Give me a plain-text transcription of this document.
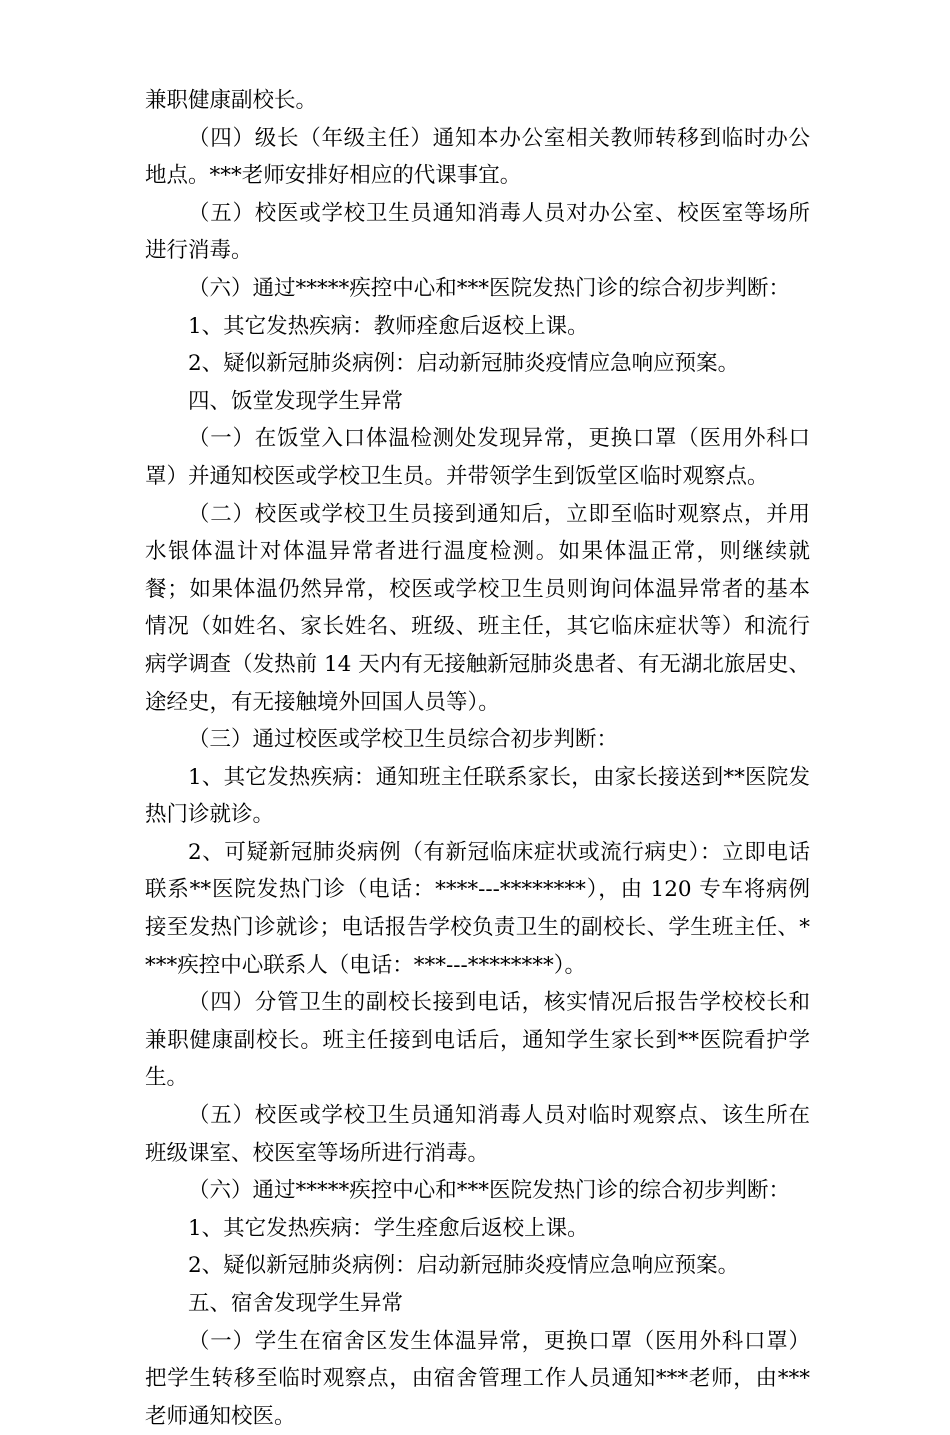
兼职健康副校长。

（四）级长（年级主任）通知本办公室相关教师转移到临时办公地点。***老师安排好相应的代课事宜。

（五）校医或学校卫生员通知消毒人员对办公室、校医室等场所进行消毒。

（六）通过*****疾控中心和***医院发热门诊的综合初步判断：

1、其它发热疾病：教师痊愈后返校上课。

2、疑似新冠肺炎病例：启动新冠肺炎疫情应急响应预案。

四、饭堂发现学生异常

（一）在饭堂入口体温检测处发现异常，更换口罩（医用外科口罩）并通知校医或学校卫生员。并带领学生到饭堂区临时观察点。

（二）校医或学校卫生员接到通知后，立即至临时观察点，并用水银体温计对体温异常者进行温度检测。如果体温正常，则继续就餐；如果体温仍然异常，校医或学校卫生员则询问体温异常者的基本情况（如姓名、家长姓名、班级、班主任，其它临床症状等）和流行病学调查（发热前 14 天内有无接触新冠肺炎患者、有无湖北旅居史、途经史，有无接触境外回国人员等）。

（三）通过校医或学校卫生员综合初步判断：

1、其它发热疾病：通知班主任联系家长，由家长接送到**医院发热门诊就诊。

2、可疑新冠肺炎病例（有新冠临床症状或流行病史）：立即电话联系**医院发热门诊（电话：****---********），由 120 专车将病例接至发热门诊就诊；电话报告学校负责卫生的副校长、学生班主任、****疾控中心联系人（电话：***---********）。

（四）分管卫生的副校长接到电话，核实情况后报告学校校长和兼职健康副校长。班主任接到电话后，通知学生家长到**医院看护学生。

（五）校医或学校卫生员通知消毒人员对临时观察点、该生所在班级课室、校医室等场所进行消毒。

（六）通过*****疾控中心和***医院发热门诊的综合初步判断：

1、其它发热疾病：学生痊愈后返校上课。

2、疑似新冠肺炎病例：启动新冠肺炎疫情应急响应预案。

五、宿舍发现学生异常

（一）学生在宿舍区发生体温异常，更换口罩（医用外科口罩）把学生转移至临时观察点，由宿舍管理工作人员通知***老师，由***老师通知校医。
